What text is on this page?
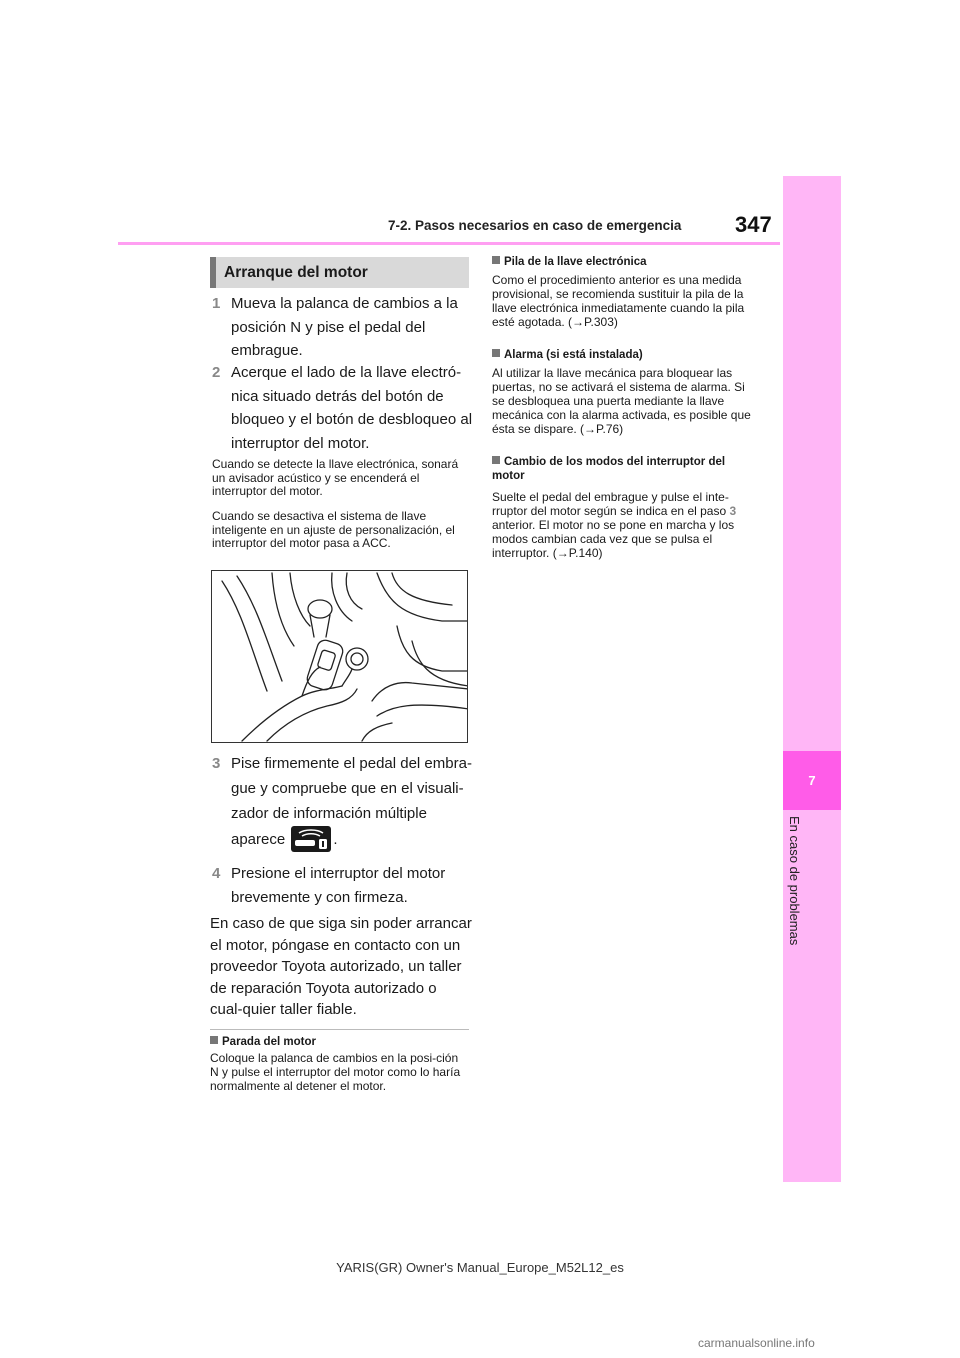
7-2. Pasos necesarios en caso de emergencia 347
7
En caso de problemas
Arranque del motor
1 Mueva la palanca de cambios a la posición N y pise el pedal del embrague.
2 Acerque el lado de la llave electró-nica situado detrás del botón de bloqueo y el botón de desbloqueo al interruptor del motor.
Cuando se detecte la llave electrónica, sonará un avisador acústico y se encenderá el interruptor del motor.
Cuando se desactiva el sistema de llave inteligente en un ajuste de personalización, el interruptor del motor pasa a ACC.
3 Pise firmemente el pedal del embra-gue y compruebe que en el visuali-zador de información múltiple aparece	.
4 Presione el interruptor del motor brevemente y con firmeza.
En caso de que siga sin poder arrancar el motor, póngase en contacto con un proveedor Toyota autorizado, un taller de reparación Toyota autorizado o cual-quier taller fiable.
Parada del motor
Coloque la palanca de cambios en la posi-ción N y pulse el interruptor del motor como lo haría normalmente al detener el motor.
Pila de la llave electrónica
Como el procedimiento anterior es una medida provisional, se recomienda sustituir la pila de la llave electrónica inmediatamente cuando la pila esté agotada. (→P.303)
Alarma (si está instalada)
Al utilizar la llave mecánica para bloquear las puertas, no se activará el sistema de alarma. Si se desbloquea una puerta mediante la llave mecánica con la alarma activada, es posible que ésta se dispare. (→P.76)
Cambio de los modos del interruptor del motor
Suelte el pedal del embrague y pulse el inte-rruptor del motor según se indica en el paso 3 anterior. El motor no se pone en marcha y los modos cambian cada vez que se pulsa el interruptor. (→P.140)
YARIS(GR) Owner's Manual_Europe_M52L12_es
carmanualsonline.info
